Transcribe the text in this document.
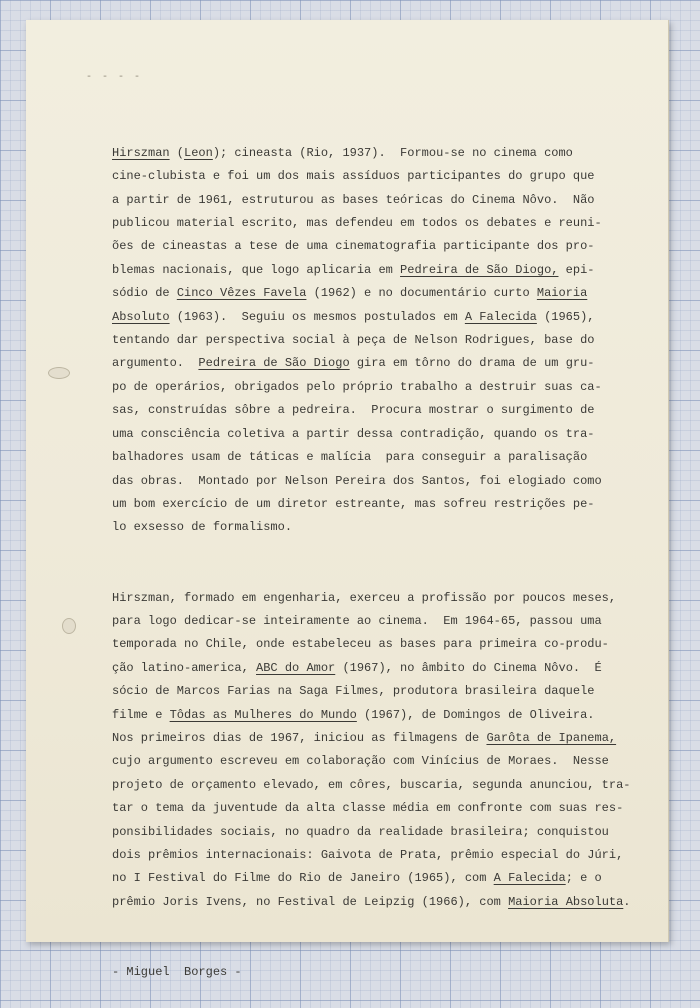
- - - -

Hirszman (Leon); cineasta (Rio, 1937).  Formou-se no cinema como
cine-clubista e foi um dos mais assíduos participantes do grupo que
a partir de 1961, estruturou as bases teóricas do Cinema Nôvo.  Não
publicou material escrito, mas defendeu em todos os debates e reuni-
ões de cineastas a tese de uma cinematografia participante dos pro-
blemas nacionais, que logo aplicaria em Pedreira de São Diogo, epi-
sódio de Cinco Vêzes Favela (1962) e no documentário curto Maioria
Absoluto (1963).  Seguiu os mesmos postulados em A Falecida (1965),
tentando dar perspectiva social à peça de Nelson Rodrigues, base do
argumento.  Pedreira de São Diogo gira em tôrno do drama de um gru-
po de operários, obrigados pelo próprio trabalho a destruir suas ca-
sas, construídas sôbre a pedreira.  Procura mostrar o surgimento de
uma consciência coletiva a partir dessa contradição, quando os tra-
balhadores usam de táticas e malícia  para conseguir a paralisação
das obras.  Montado por Nelson Pereira dos Santos, foi elogiado como
um bom exercício de um diretor estreante, mas sofreu restrições pe-
lo exsesso de formalismo.

Hirszman, formado em engenharia, exerceu a profissão por poucos meses,
para logo dedicar-se inteiramente ao cinema.  Em 1964-65, passou uma
temporada no Chile, onde estabeleceu as bases para primeira co-produ-
ção latino-america, ABC do Amor (1967), no âmbito do Cinema Nôvo.  É
sócio de Marcos Farias na Saga Filmes, produtora brasileira daquele
filme e Tôdas as Mulheres do Mundo (1967), de Domingos de Oliveira.
Nos primeiros dias de 1967, iniciou as filmagens de Garôta de Ipanema,
cujo argumento escreveu em colaboração com Vinícius de Moraes.  Nesse
projeto de orçamento elevado, em côres, buscaria, segunda anunciou, tra-
tar o tema da juventude da alta classe média em confronte com suas res-
ponsibilidades sociais, no quadro da realidade brasileira; conquistou
dois prêmios internacionais: Gaivota de Prata, prêmio especial do Júri,
no I Festival do Filme do Rio de Janeiro (1965), com A Falecida; e o
prêmio Joris Ivens, no Festival de Leipzig (1966), com Maioria Absoluta.

- Miguel  Borges -
